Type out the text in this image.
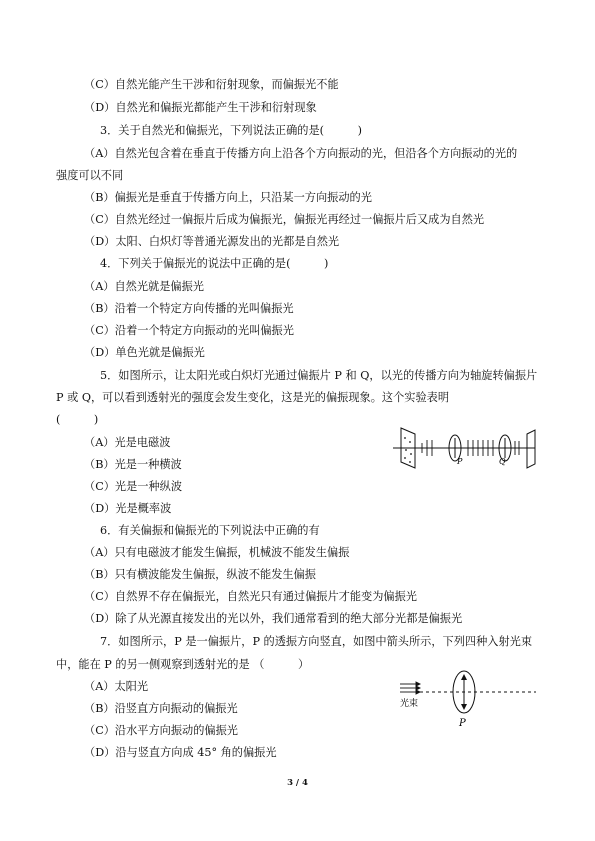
（C）自然光能产生干涉和衍射现象，而偏振光不能
（D）自然光和偏振光都能产生干涉和衍射现象
3．关于自然光和偏振光，下列说法正确的是(　　　)
（A）自然光包含着在垂直于传播方向上沿各个方向振动的光，但沿各个方向振动的光的
强度可以不同
（B）偏振光是垂直于传播方向上，只沿某一方向振动的光
（C）自然光经过一偏振片后成为偏振光，偏振光再经过一偏振片后又成为自然光
（D）太阳、白炽灯等普通光源发出的光都是自然光
4．下列关于偏振光的说法中正确的是(　　　)
（A）自然光就是偏振光
（B）沿着一个特定方向传播的光叫偏振光
（C）沿着一个特定方向振动的光叫偏振光
（D）单色光就是偏振光
5．如图所示，让太阳光或白炽灯光通过偏振片 P 和 Q，以光的传播方向为轴旋转偏振片
P 或 Q，可以看到透射光的强度会发生变化，这是光的偏振现象。这个实验表明
(　　　)
（A）光是电磁波
（B）光是一种横波
（C）光是一种纵波
（D）光是概率波
P	Q
6．有关偏振和偏振光的下列说法中正确的有
（A）只有电磁波才能发生偏振，机械波不能发生偏振
（B）只有横波能发生偏振，纵波不能发生偏振
（C）自然界不存在偏振光，自然光只有通过偏振片才能变为偏振光
（D）除了从光源直接发出的光以外，我们通常看到的绝大部分光都是偏振光
7．如图所示，P 是一偏振片，P 的透振方向竖直，如图中箭头所示，下列四种入射光束
中，能在 P 的另一侧观察到透射光的是 （　　　）
（A）太阳光
（B）沿竖直方向振动的偏振光
（C）沿水平方向振动的偏振光
（D）沿与竖直方向成 45° 角的偏振光
光束
P
3 / 4
